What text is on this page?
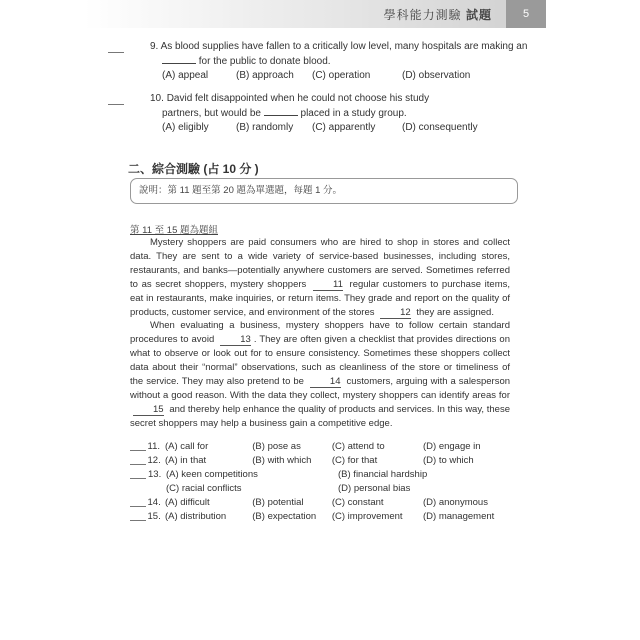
學科能力測驗 試題	5
9. As blood supplies have fallen to a critically low level, many hospitals are making an
for the public to donate blood.
(A) appeal	(B) approach	(C) operation	(D) observation
10. David felt disappointed when he could not choose his study
partners, but would be	placed in a study group.
(A) eligibly	(B) randomly	(C) apparently	(D) consequently
二、綜合測驗 (占 10 分 )
說明：第 11 題至第 20 題為單選題，每題 1 分。
第 11 至 15 題為題組

Mystery shoppers are paid consumers who are hired to shop in stores and collect data. They are sent to a wide variety of service-based businesses, including stores, restaurants, and banks—potentially anywhere customers are served. Sometimes referred to as secret shoppers, mystery shoppers	11 regular customers to purchase items, eat in restaurants, make inquiries, or return items. They grade and report on the quality of products, customer service, and environment of the stores	12 they are assigned.

When evaluating a business, mystery shoppers have to follow certain standard procedures to avoid	13 . They are often given a checklist that provides directions on what to observe or look out for to ensure consistency. Sometimes these shoppers collect data about their “normal” observations, such as cleanliness of the store or timeliness of the service. They may also pretend to be	14 customers, arguing with a salesperson without a good reason. With the data they collect, mystery shoppers can identify areas for 15 and thereby help enhance the quality of products and services. In this way, these secret shoppers may help a business gain a competitive edge.

11. (A) call for	(B) pose as	(C) attend to	(D) engage in
12. (A) in that	(B) with which	(C) for that	(D) to which
13. (A) keen competitions	(B) financial hardship
(C) racial conflicts	(D) personal bias
14. (A) difficult	(B) potential	(C) constant	(D) anonymous
15. (A) distribution	(B) expectation	(C) improvement	(D) management
